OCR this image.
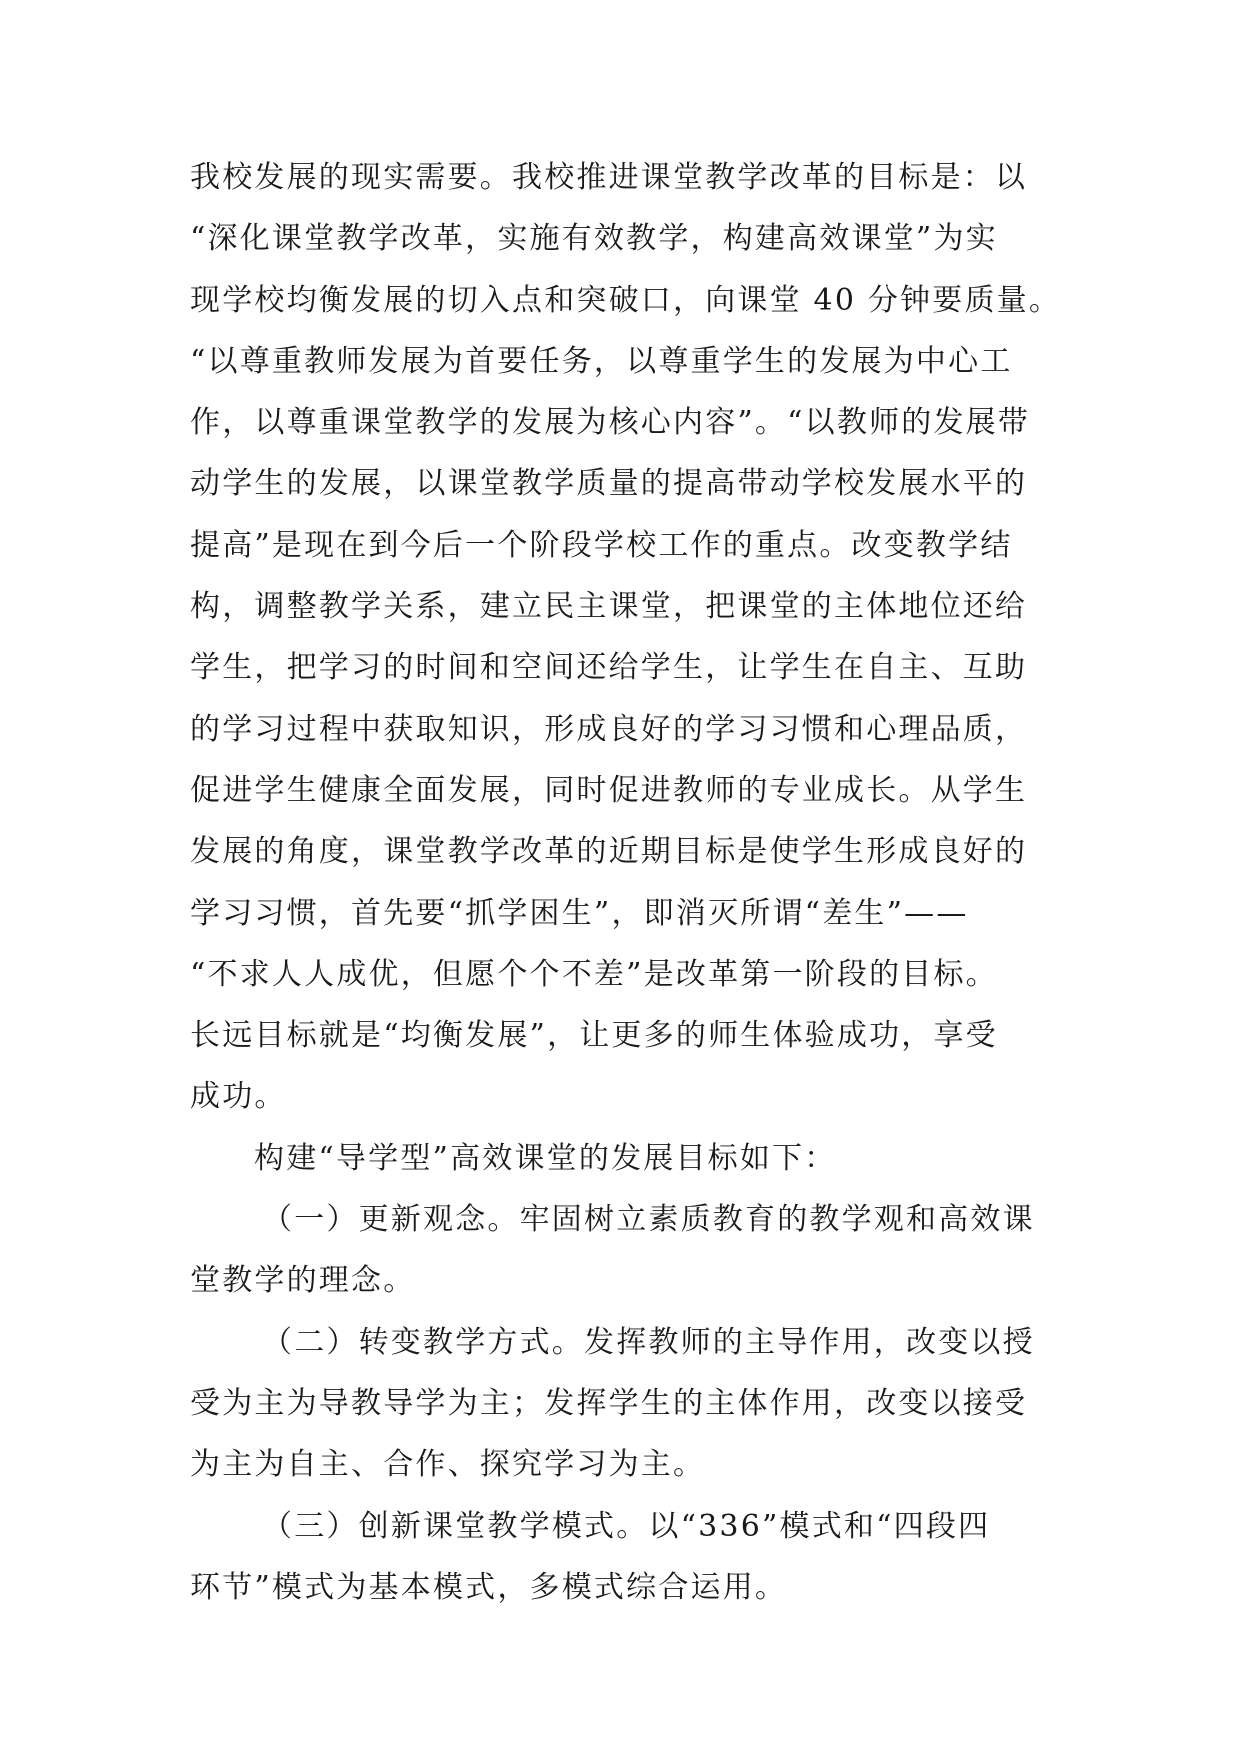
我校发展的现实需要。我校推进课堂教学改革的目标是：以
“深化课堂教学改革，实施有效教学，构建高效课堂”为实
现学校均衡发展的切入点和突破口，向课堂 40 分钟要质量。
“以尊重教师发展为首要任务，以尊重学生的发展为中心工
作，以尊重课堂教学的发展为核心内容”。“以教师的发展带
动学生的发展，以课堂教学质量的提高带动学校发展水平的
提高”是现在到今后一个阶段学校工作的重点。改变教学结
构，调整教学关系，建立民主课堂，把课堂的主体地位还给
学生，把学习的时间和空间还给学生，让学生在自主、互助
的学习过程中获取知识，形成良好的学习习惯和心理品质，
促进学生健康全面发展，同时促进教师的专业成长。从学生
发展的角度，课堂教学改革的近期目标是使学生形成良好的
学习习惯，首先要“抓学困生”，即消灭所谓“差生”——
“不求人人成优，但愿个个不差”是改革第一阶段的目标。
长远目标就是“均衡发展”，让更多的师生体验成功，享受
成功。
构建“导学型”高效课堂的发展目标如下：
（一）更新观念。牢固树立素质教育的教学观和高效课
堂教学的理念。
（二）转变教学方式。发挥教师的主导作用，改变以授
受为主为导教导学为主；发挥学生的主体作用，改变以接受
为主为自主、合作、探究学习为主。
（三）创新课堂教学模式。以“336”模式和“四段四
环节”模式为基本模式，多模式综合运用。
